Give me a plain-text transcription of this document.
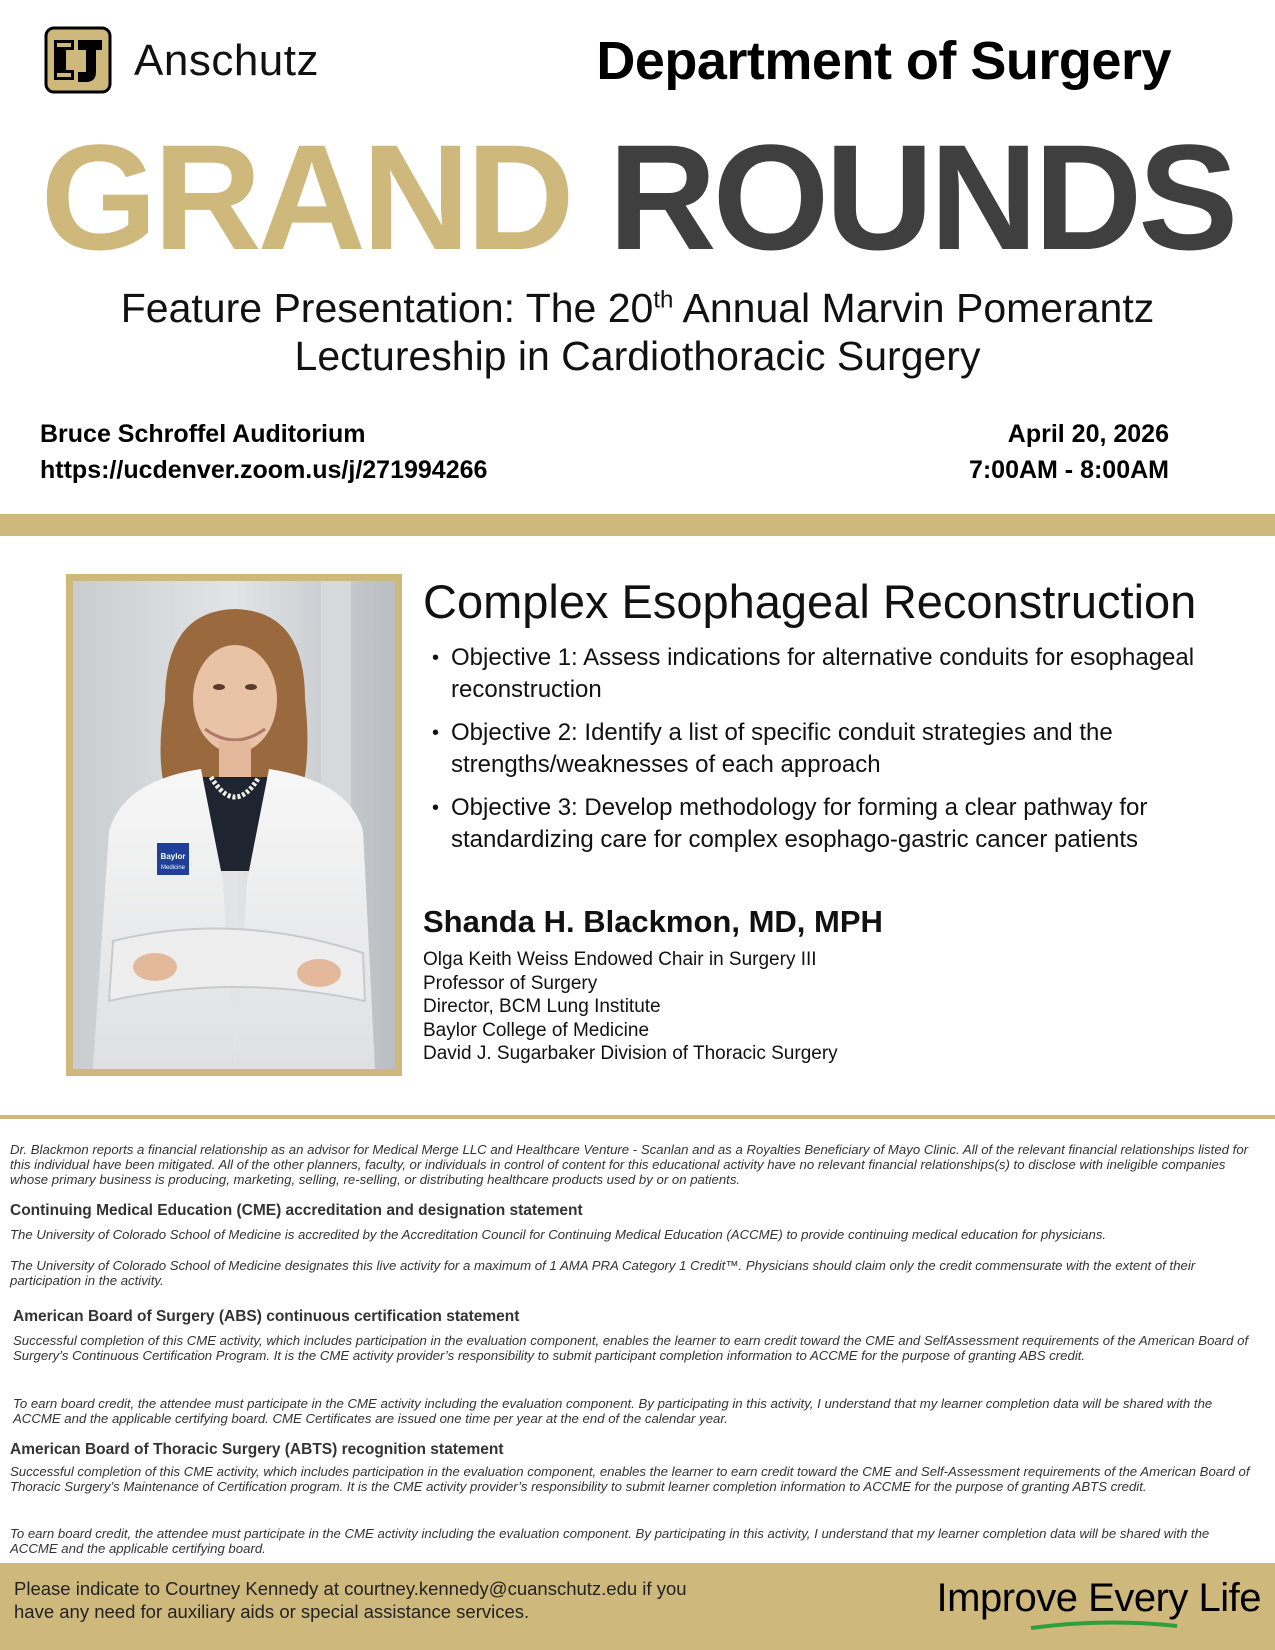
Anschutz	Department of Surgery
GRAND ROUNDS
Feature Presentation: The 20th Annual Marvin Pomerantz
Lectureship in Cardiothoracic Surgery
Bruce Schroffel Auditorium
https://ucdenver.zoom.us/j/271994266
April 20, 2026
7:00AM - 8:00AM
Baylor
Medicine
Complex Esophageal Reconstruction
• Objective 1: Assess indications for alternative conduits for esophageal reconstruction
• Objective 2: Identify a list of specific conduit strategies and the strengths/weaknesses of each approach
• Objective 3: Develop methodology for forming a clear pathway for standardizing care for complex esophago-gastric cancer patients
Shanda H. Blackmon, MD, MPH
Olga Keith Weiss Endowed Chair in Surgery III
Professor of Surgery
Director, BCM Lung Institute
Baylor College of Medicine
David J. Sugarbaker Division of Thoracic Surgery

Dr. Blackmon reports a financial relationship as an advisor for Medical Merge LLC and Healthcare Venture - Scanlan and as a Royalties Beneficiary of Mayo Clinic. All of the relevant financial relationships listed for this individual have been mitigated. All of the other planners, faculty, or individuals in control of content for this educational activity have no relevant financial relationships(s) to disclose with ineligible companies whose primary business is producing, marketing, selling, re-selling, or distributing healthcare products used by or on patients.

Continuing Medical Education (CME) accreditation and designation statement

The University of Colorado School of Medicine is accredited by the Accreditation Council for Continuing Medical Education (ACCME) to provide continuing medical education for physicians.

The University of Colorado School of Medicine designates this live activity for a maximum of 1 AMA PRA Category 1 Credit™. Physicians should claim only the credit commensurate with the extent of their participation in the activity.

American Board of Surgery (ABS) continuous certification statement

Successful completion of this CME activity, which includes participation in the evaluation component, enables the learner to earn credit toward the CME and SelfAssessment requirements of the American Board of Surgery’s Continuous Certification Program. It is the CME activity provider’s responsibility to submit participant completion information to ACCME for the purpose of granting ABS credit.

To earn board credit, the attendee must participate in the CME activity including the evaluation component. By participating in this activity, I understand that my learner completion data will be shared with the ACCME and the applicable certifying board. CME Certificates are issued one time per year at the end of the calendar year.

American Board of Thoracic Surgery (ABTS) recognition statement

Successful completion of this CME activity, which includes participation in the evaluation component, enables the learner to earn credit toward the CME and Self-Assessment requirements of the American Board of Thoracic Surgery’s Maintenance of Certification program. It is the CME activity provider’s responsibility to submit learner completion information to ACCME for the purpose of granting ABTS credit.

To earn board credit, the attendee must participate in the CME activity including the evaluation component. By participating in this activity, I understand that my learner completion data will be shared with the ACCME and the applicable certifying board.

Please indicate to Courtney Kennedy at courtney.kennedy@cuanschutz.edu if you
have any need for auxiliary aids or special assistance services.	Improve Every Life
